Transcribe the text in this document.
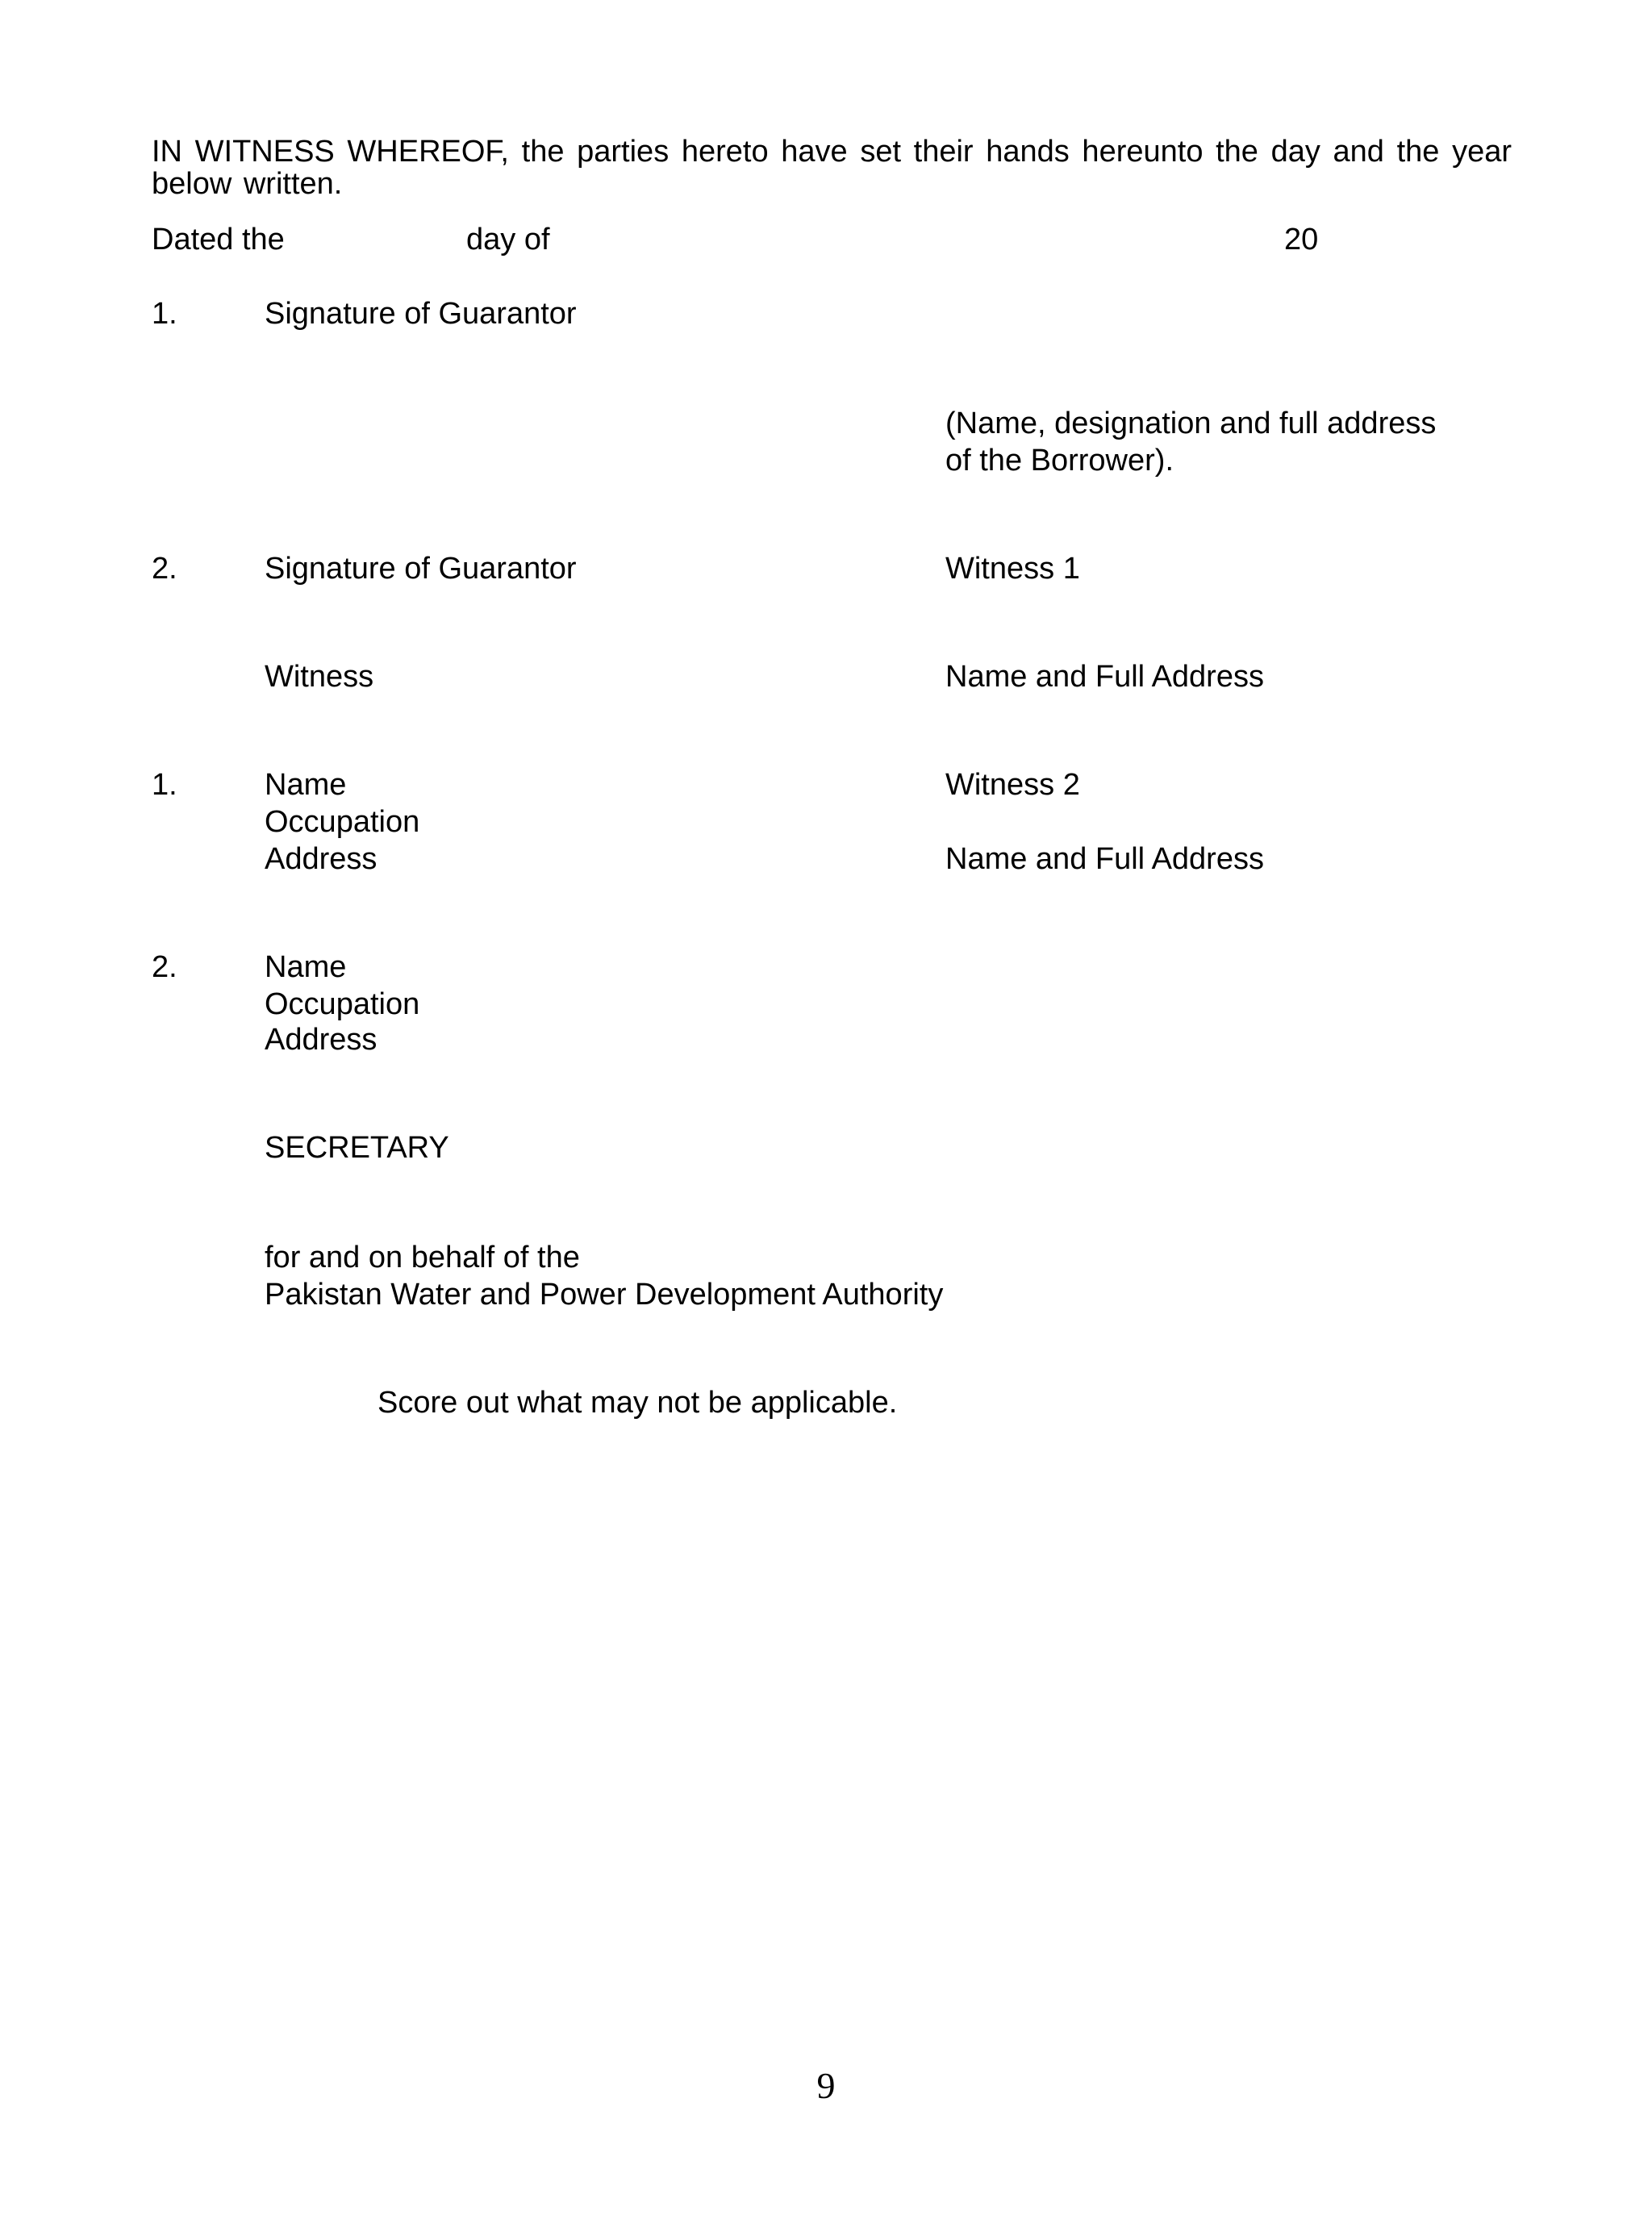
IN WITNESS WHEREOF, the parties hereto have set their hands hereunto the day and the year below written.
Dated the	day of	20
1.	Signature of Guarantor
(Name, designation and full address
of the Borrower).
2.	Signature of Guarantor	Witness 1
Witness	Name and Full Address
1.	Name	Witness 2
Occupation
Address	Name and Full Address
2.	Name
Occupation
Address
SECRETARY
for and on behalf of the
Pakistan Water and Power Development Authority
Score out what may not be applicable.
9
